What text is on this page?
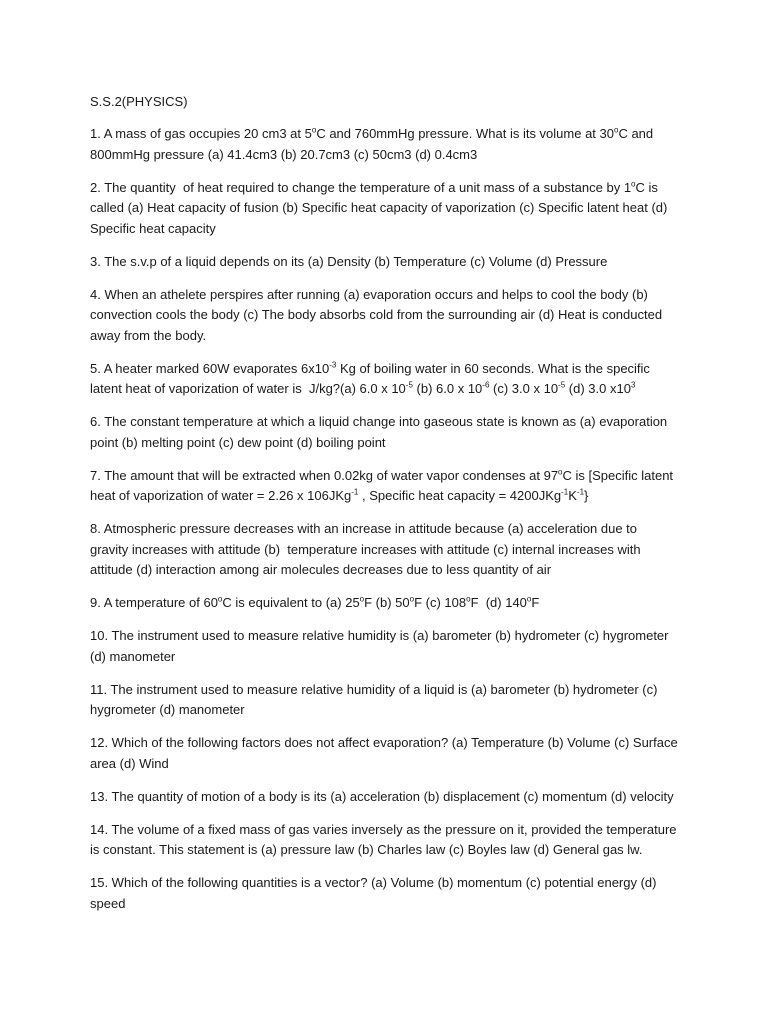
S.S.2(PHYSICS)
1. A mass of gas occupies 20 cm3 at 5$^o$C and 760mmHg pressure. What is its volume at 30$^o$C and 800mmHg pressure (a) 41.4cm3 (b) 20.7cm3 (c) 50cm3 (d) 0.4cm3
2. The quantity  of heat required to change the temperature of a unit mass of a substance by 1$^o$C is called (a) Heat capacity of fusion (b) Specific heat capacity of vaporization (c) Specific latent heat (d) Specific heat capacity
3. The s.v.p of a liquid depends on its (a) Density (b) Temperature (c) Volume (d) Pressure
4. When an athelete perspires after running (a) evaporation occurs and helps to cool the body (b) convection cools the body (c) The body absorbs cold from the surrounding air (d) Heat is conducted away from the body.
5. A heater marked 60W evaporates $6x10^{-3}$ Kg of boiling water in 60 seconds. What is the specific latent heat of vaporization of water is  J/kg?(a) 6.0 x $10^{-5}$ (b) 6.0 x $10^{-6}$ (c) 3.0 x $10^{-5}$ (d) 3.0 $x10^3$
6. The constant temperature at which a liquid change into gaseous state is known as (a) evaporation point (b) melting point (c) dew point (d) boiling point
7. The amount that will be extracted when 0.02kg of water vapor condenses at 97$^o$C is [Specific latent heat of vaporization of water = 2.26 x 106JKg$^{-1}$ , Specific heat capacity = $4200JKg^{-1}K^{-1}$}
8. Atmospheric pressure decreases with an increase in attitude because (a) acceleration due to gravity increases with attitude (b)  temperature increases with attitude (c) internal increases with attitude (d) interaction among air molecules decreases due to less quantity of air
9. A temperature of 60$^o$C is equivalent to (a) 25$^o$F (b) 50$^o$F (c) 108$^o$F  (d) 140$^o$F
10. The instrument used to measure relative humidity is (a) barometer (b) hydrometer (c) hygrometer (d) manometer
11. The instrument used to measure relative humidity of a liquid is (a) barometer (b) hydrometer (c) hygrometer (d) manometer
12. Which of the following factors does not affect evaporation? (a) Temperature (b) Volume (c) Surface area (d) Wind
13. The quantity of motion of a body is its (a) acceleration (b) displacement (c) momentum (d) velocity
14. The volume of a fixed mass of gas varies inversely as the pressure on it, provided the temperature is constant. This statement is (a) pressure law (b) Charles law (c) Boyles law (d) General gas lw.
15. Which of the following quantities is a vector? (a) Volume (b) momentum (c) potential energy (d) speed
